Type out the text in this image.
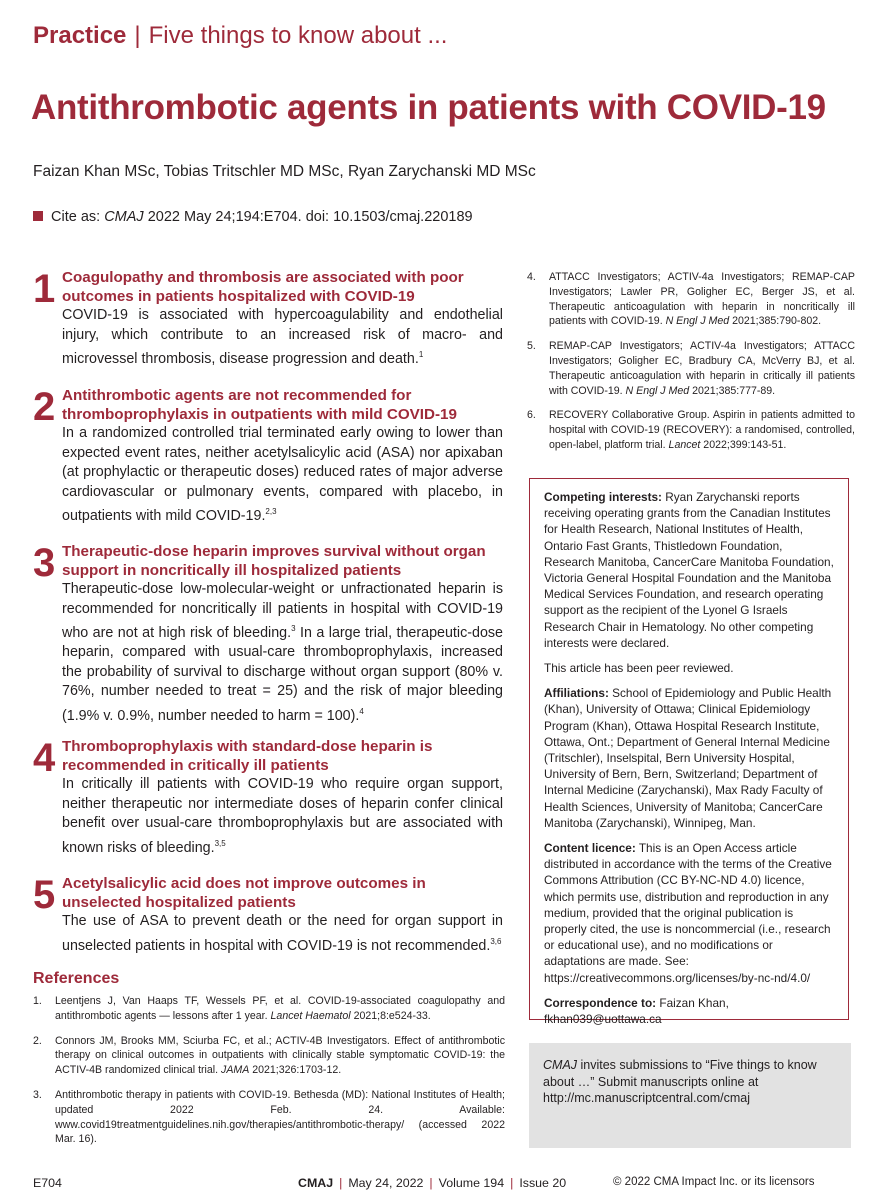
Practice | Five things to know about ...
Antithrombotic agents in patients with COVID-19
Faizan Khan MSc, Tobias Tritschler MD MSc, Ryan Zarychanski MD MSc
Cite as: CMAJ 2022 May 24;194:E704. doi: 10.1503/cmaj.220189
1 Coagulopathy and thrombosis are associated with poor outcomes in patients hospitalized with COVID-19
COVID-19 is associated with hypercoagulability and endothelial injury, which contribute to an increased risk of macro- and microvessel thrombosis, disease progression and death.$^1$
2 Antithrombotic agents are not recommended for thromboprophylaxis in outpatients with mild COVID-19
In a randomized controlled trial terminated early owing to lower than expected event rates, neither acetylsalicylic acid (ASA) nor apixaban (at prophylactic or therapeutic doses) reduced rates of major adverse cardiovascular or pulmonary events, compared with placebo, in outpatients with mild COVID-19.$^{2,3}$
3 Therapeutic-dose heparin improves survival without organ support in noncritically ill hospitalized patients
Therapeutic-dose low-molecular-weight or unfractionated heparin is recommended for noncritically ill patients in hospital with COVID-19 who are not at high risk of bleeding.$^3$ In a large trial, therapeutic-dose heparin, compared with usual-care thromboprophylaxis, increased the probability of survival to discharge without organ support (80% v. 76%, number needed to treat = 25) and the risk of major bleeding (1.9% v. 0.9%, number needed to harm = 100).$^4$
4 Thromboprophylaxis with standard-dose heparin is recommended in critically ill patients
In critically ill patients with COVID-19 who require organ support, neither therapeutic nor intermediate doses of heparin confer clinical benefit over usual-care thromboprophylaxis but are associated with known risks of bleeding.$^{3,5}$
5 Acetylsalicylic acid does not improve outcomes in unselected hospitalized patients
The use of ASA to prevent death or the need for organ support in unselected patients in hospital with COVID-19 is not recommended.$^{3,6}$
References
1. Leentjens J, Van Haaps TF, Wessels PF, et al. COVID-19-associated coagulopathy and antithrombotic agents — lessons after 1 year. Lancet Haematol 2021;8:e524-33.
2. Connors JM, Brooks MM, Sciurba FC, et al.; ACTIV-4B Investigators. Effect of antithrombotic therapy on clinical outcomes in outpatients with clinically stable symptomatic COVID-19: the ACTIV-4B randomized clinical trial. JAMA 2021;326:1703-12.
3. Antithrombotic therapy in patients with COVID-19. Bethesda (MD): National Institutes of Health; updated 2022 Feb. 24. Available: www.covid19treatmentguidelines.nih.gov/therapies/antithrombotic-therapy/ (accessed 2022 Mar. 16).
4. ATTACC Investigators; ACTIV-4a Investigators; REMAP-CAP Investigators; Lawler PR, Goligher EC, Berger JS, et al. Therapeutic anticoagulation with heparin in noncritically ill patients with COVID-19. N Engl J Med 2021;385:790-802.
5. REMAP-CAP Investigators; ACTIV-4a Investigators; ATTACC Investigators; Goligher EC, Bradbury CA, McVerry BJ, et al. Therapeutic anticoagulation with heparin in critically ill patients with COVID-19. N Engl J Med 2021;385:777-89.
6. RECOVERY Collaborative Group. Aspirin in patients admitted to hospital with COVID-19 (RECOVERY): a randomised, controlled, open-label, platform trial. Lancet 2022;399:143-51.

Competing interests: Ryan Zarychanski reports receiving operating grants from the Canadian Institutes for Health Research, National Institutes of Health, Ontario Fast Grants, Thistledown Foundation, Research Manitoba, CancerCare Manitoba Foundation, Victoria General Hospital Foundation and the Manitoba Medical Services Foundation, and research operating support as the recipient of the Lyonel G Israels Research Chair in Hematology. No other competing interests were declared.

This article has been peer reviewed.

Affiliations: School of Epidemiology and Public Health (Khan), University of Ottawa; Clinical Epidemiology Program (Khan), Ottawa Hospital Research Institute, Ottawa, Ont.; Department of General Internal Medicine (Tritschler), Inselspital, Bern University Hospital, University of Bern, Bern, Switzerland; Department of Internal Medicine (Zarychanski), Max Rady Faculty of Health Sciences, University of Manitoba; CancerCare Manitoba (Zarychanski), Winnipeg, Man.

Content licence: This is an Open Access article distributed in accordance with the terms of the Creative Commons Attribution (CC BY-NC-ND 4.0) licence, which permits use, distribution and reproduction in any medium, provided that the original publication is properly cited, the use is noncommercial (i.e., research or educational use), and no modifications or adaptations are made. See: https://creativecommons.org/licenses/by-nc-nd/4.0/

Correspondence to: Faizan Khan, fkhan039@uottawa.ca

CMAJ invites submissions to “Five things to know about …” Submit manuscripts online at http://mc.manuscriptcentral.com/cmaj
E704	CMAJ | May 24, 2022 | Volume 194 | Issue 20	© 2022 CMA Impact Inc. or its licensors
